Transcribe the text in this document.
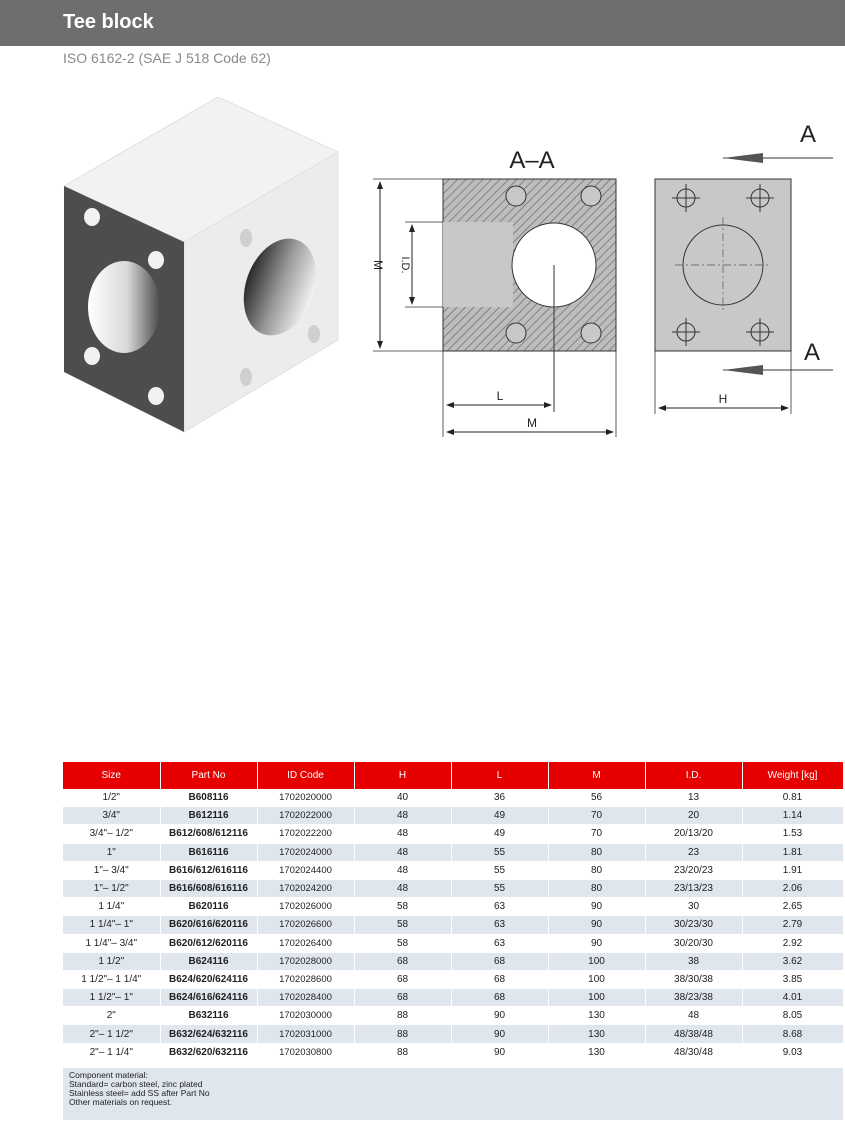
Tee block
ISO 6162-2 (SAE J 518 Code 62)
A–A
M I.D.
L
M
A
A
H
Size	Part No	ID Code	H	L	M	I.D.	Weight [kg]
1/2"	B608116	1702020000	40	36	56	13	0.81
3/4"	B612116	1702022000	48	49	70	20	1.14
3/4"– 1/2"	B612/608/612116	1702022200	48	49	70	20/13/20	1.53
1"	B616116	1702024000	48	55	80	23	1.81
1"– 3/4"	B616/612/616116	1702024400	48	55	80	23/20/23	1.91
1"– 1/2"	B616/608/616116	1702024200	48	55	80	23/13/23	2.06
1 1/4"	B620116	1702026000	58	63	90	30	2.65
1 1/4"– 1"	B620/616/620116	1702026600	58	63	90	30/23/30	2.79
1 1/4"– 3/4"	B620/612/620116	1702026400	58	63	90	30/20/30	2.92
1 1/2"	B624116	1702028000	68	68	100	38	3.62
1 1/2"– 1 1/4"	B624/620/624116	1702028600	68	68	100	38/30/38	3.85
1 1/2"– 1"	B624/616/624116	1702028400	68	68	100	38/23/38	4.01
2"	B632116	1702030000	88	90	130	48	8.05
2"– 1 1/2"	B632/624/632116	1702031000	88	90	130	48/38/48	8.68
2"– 1 1/4"	B632/620/632116	1702030800	88	90	130	48/30/48	9.03
Component material:
Standard= carbon steel, zinc plated
Stainless steel= add SS after Part No
Other materials on request.
